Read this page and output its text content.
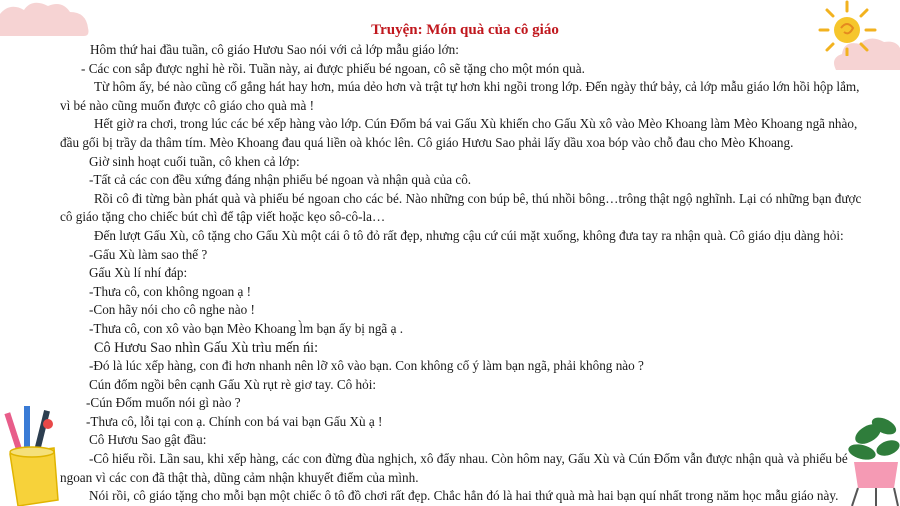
Truyện: Món quà của cô giáo
Hôm thứ hai đầu tuần, cô giáo Hươu Sao nói với cả lớp mẫu giáo lớn:
- Các con sắp được nghỉ hè rồi. Tuần này, ai được phiếu bé ngoan, cô sẽ tặng cho một món quà.
Từ hôm ấy, bé nào cũng cố gắng hát hay hơn, múa dẻo hơn và trật tự hơn khi ngồi trong lớp. Đến ngày thứ bảy, cả lớp mẫu giáo lớn hồi hộp lắm,
vì bé nào cũng muốn được cô giáo cho quà mà !
Hết giờ ra chơi, trong lúc các bé xếp hàng vào lớp. Cún Đốm bá vai Gấu Xù khiến cho Gấu Xù xô vào Mèo Khoang làm Mèo Khoang ngã nhào,
đầu gối bị trầy da thâm tím. Mèo Khoang đau quá liền oà khóc lên. Cô giáo Hươu Sao phải lấy dầu xoa bóp vào chỗ đau cho Mèo Khoang.
Giờ sinh hoạt cuối tuần, cô khen cả lớp:
-Tất cả các con đều xứng đáng nhận phiếu bé ngoan và nhận quà của cô.
Rồi cô đi từng bàn phát quà và phiếu bé ngoan cho các bé. Nào những con búp bê, thú nhồi bông…trông thật ngộ nghĩnh. Lại có những bạn được
cô giáo tặng cho chiếc bút chì để tập viết hoặc kẹo sô-cô-la…
Đến lượt Gấu Xù, cô tặng cho Gấu Xù một cái ô tô đỏ rất đẹp, nhưng cậu cứ cúi mặt xuống, không đưa tay ra nhận quà. Cô giáo dịu dàng hỏi:
-Gấu Xù làm sao thế ?
Gấu Xù lí nhí đáp:
-Thưa cô, con không ngoan ạ !
-Con hãy nói cho cô nghe nào !
-Thưa cô, con xô vào bạn Mèo Khoang l̀m bạn ấy bị ngã ạ .
Cô Hươu Sao nhìn Gấu Xù trìu mến ńi:
-Đó là lúc xếp hàng, con đi hơn nhanh nên lỡ xô vào bạn. Con không cố ý làm bạn ngã, phải không nào ?
Cún đốm ngồi bên cạnh Gấu Xù rụt rè giơ tay. Cô hỏi:
-Cún Đốm muốn nói gì nào ?
-Thưa cô, lỗi tại con ạ. Chính con bá vai bạn Gấu Xù ạ !
Cô Hươu Sao gật đầu:
-Cô hiểu rồi. Lần sau, khi xếp hàng, các con đừng đùa nghịch, xô đẩy nhau. Còn hôm nay, Gấu Xù và Cún Đốm vẫn được nhận quà và phiếu bé
ngoan vì các con đã thật thà, dũng cảm nhận khuyết điểm của mình.
Nói rồi, cô giáo tặng cho mỗi bạn một chiếc ô tô đồ chơi rất đẹp. Chắc hẳn đó là hai thứ quà mà hai bạn quí nhất trong năm học mẫu giáo này.
